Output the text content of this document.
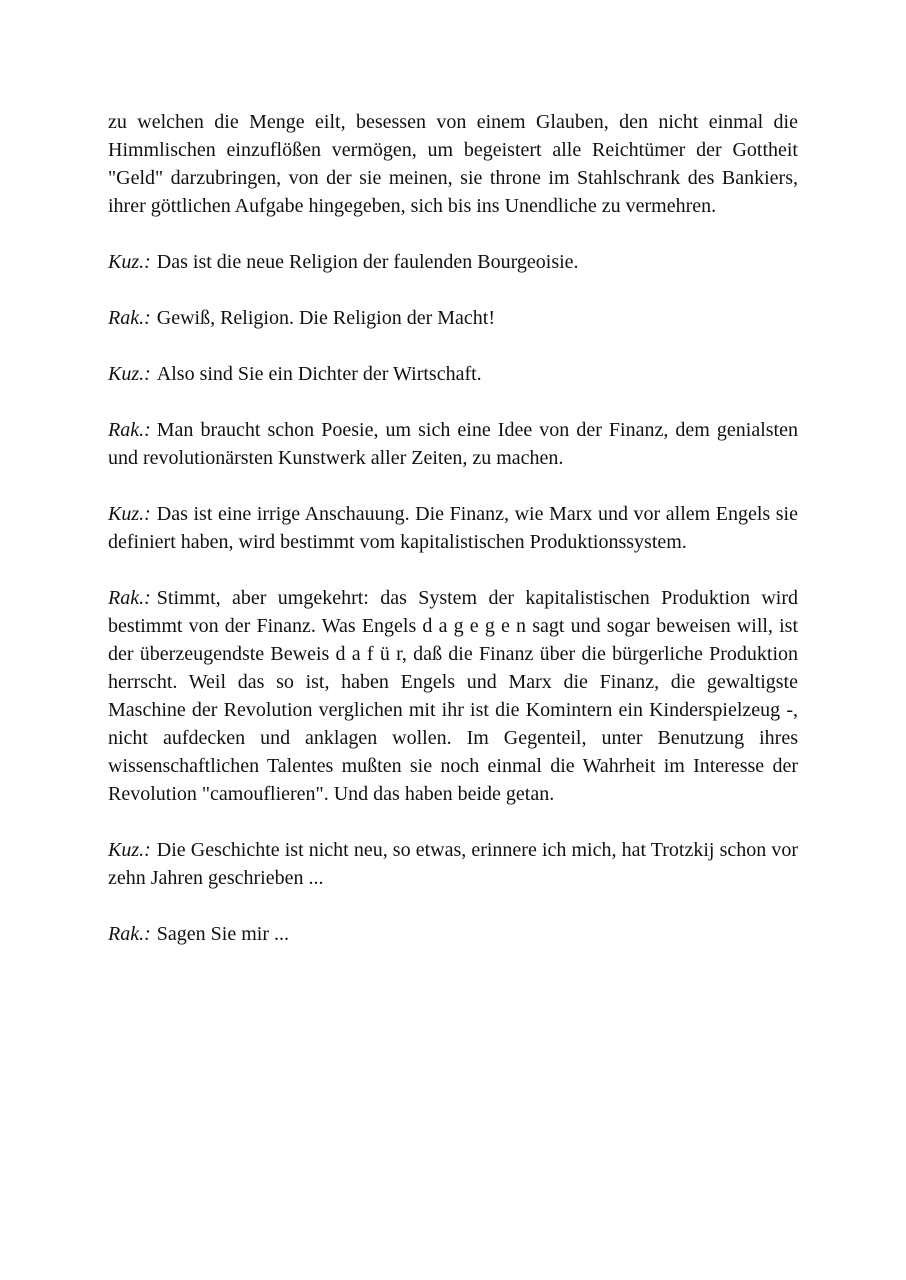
zu welchen die Menge eilt, besessen von einem Glauben, den nicht einmal die Himmlischen einzuflößen vermögen, um begeistert alle Reichtümer der Gottheit "Geld" darzubringen, von der sie meinen, sie throne im Stahlschrank des Bankiers, ihrer göttlichen Aufgabe hingegeben, sich bis ins Unendliche zu vermehren.

Kuz.: Das ist die neue Religion der faulenden Bourgeoisie.

Rak.: Gewiß, Religion. Die Religion der Macht!

Kuz.: Also sind Sie ein Dichter der Wirtschaft.

Rak.: Man braucht schon Poesie, um sich eine Idee von der Finanz, dem genialsten und revolutionärsten Kunstwerk aller Zeiten, zu machen.

Kuz.: Das ist eine irrige Anschauung. Die Finanz, wie Marx und vor allem Engels sie definiert haben, wird bestimmt vom kapitalistischen Produktionssystem.

Rak.: Stimmt, aber umgekehrt: das System der kapitalistischen Produktion wird bestimmt von der Finanz. Was Engels d a g e g e n sagt und sogar beweisen will, ist der überzeugendste Beweis d a f ü r, daß die Finanz über die bürgerliche Produktion herrscht. Weil das so ist, haben Engels und Marx die Finanz, die gewaltigste Maschine der Revolution verglichen mit ihr ist die Komintern ein Kinderspielzeug -, nicht aufdecken und anklagen wollen. Im Gegenteil, unter Benutzung ihres wissenschaftlichen Talentes mußten sie noch einmal die Wahrheit im Interesse der Revolution "camouflieren". Und das haben beide getan.

Kuz.: Die Geschichte ist nicht neu, so etwas, erinnere ich mich, hat Trotzkij schon vor zehn Jahren geschrieben ...

Rak.: Sagen Sie mir ...
